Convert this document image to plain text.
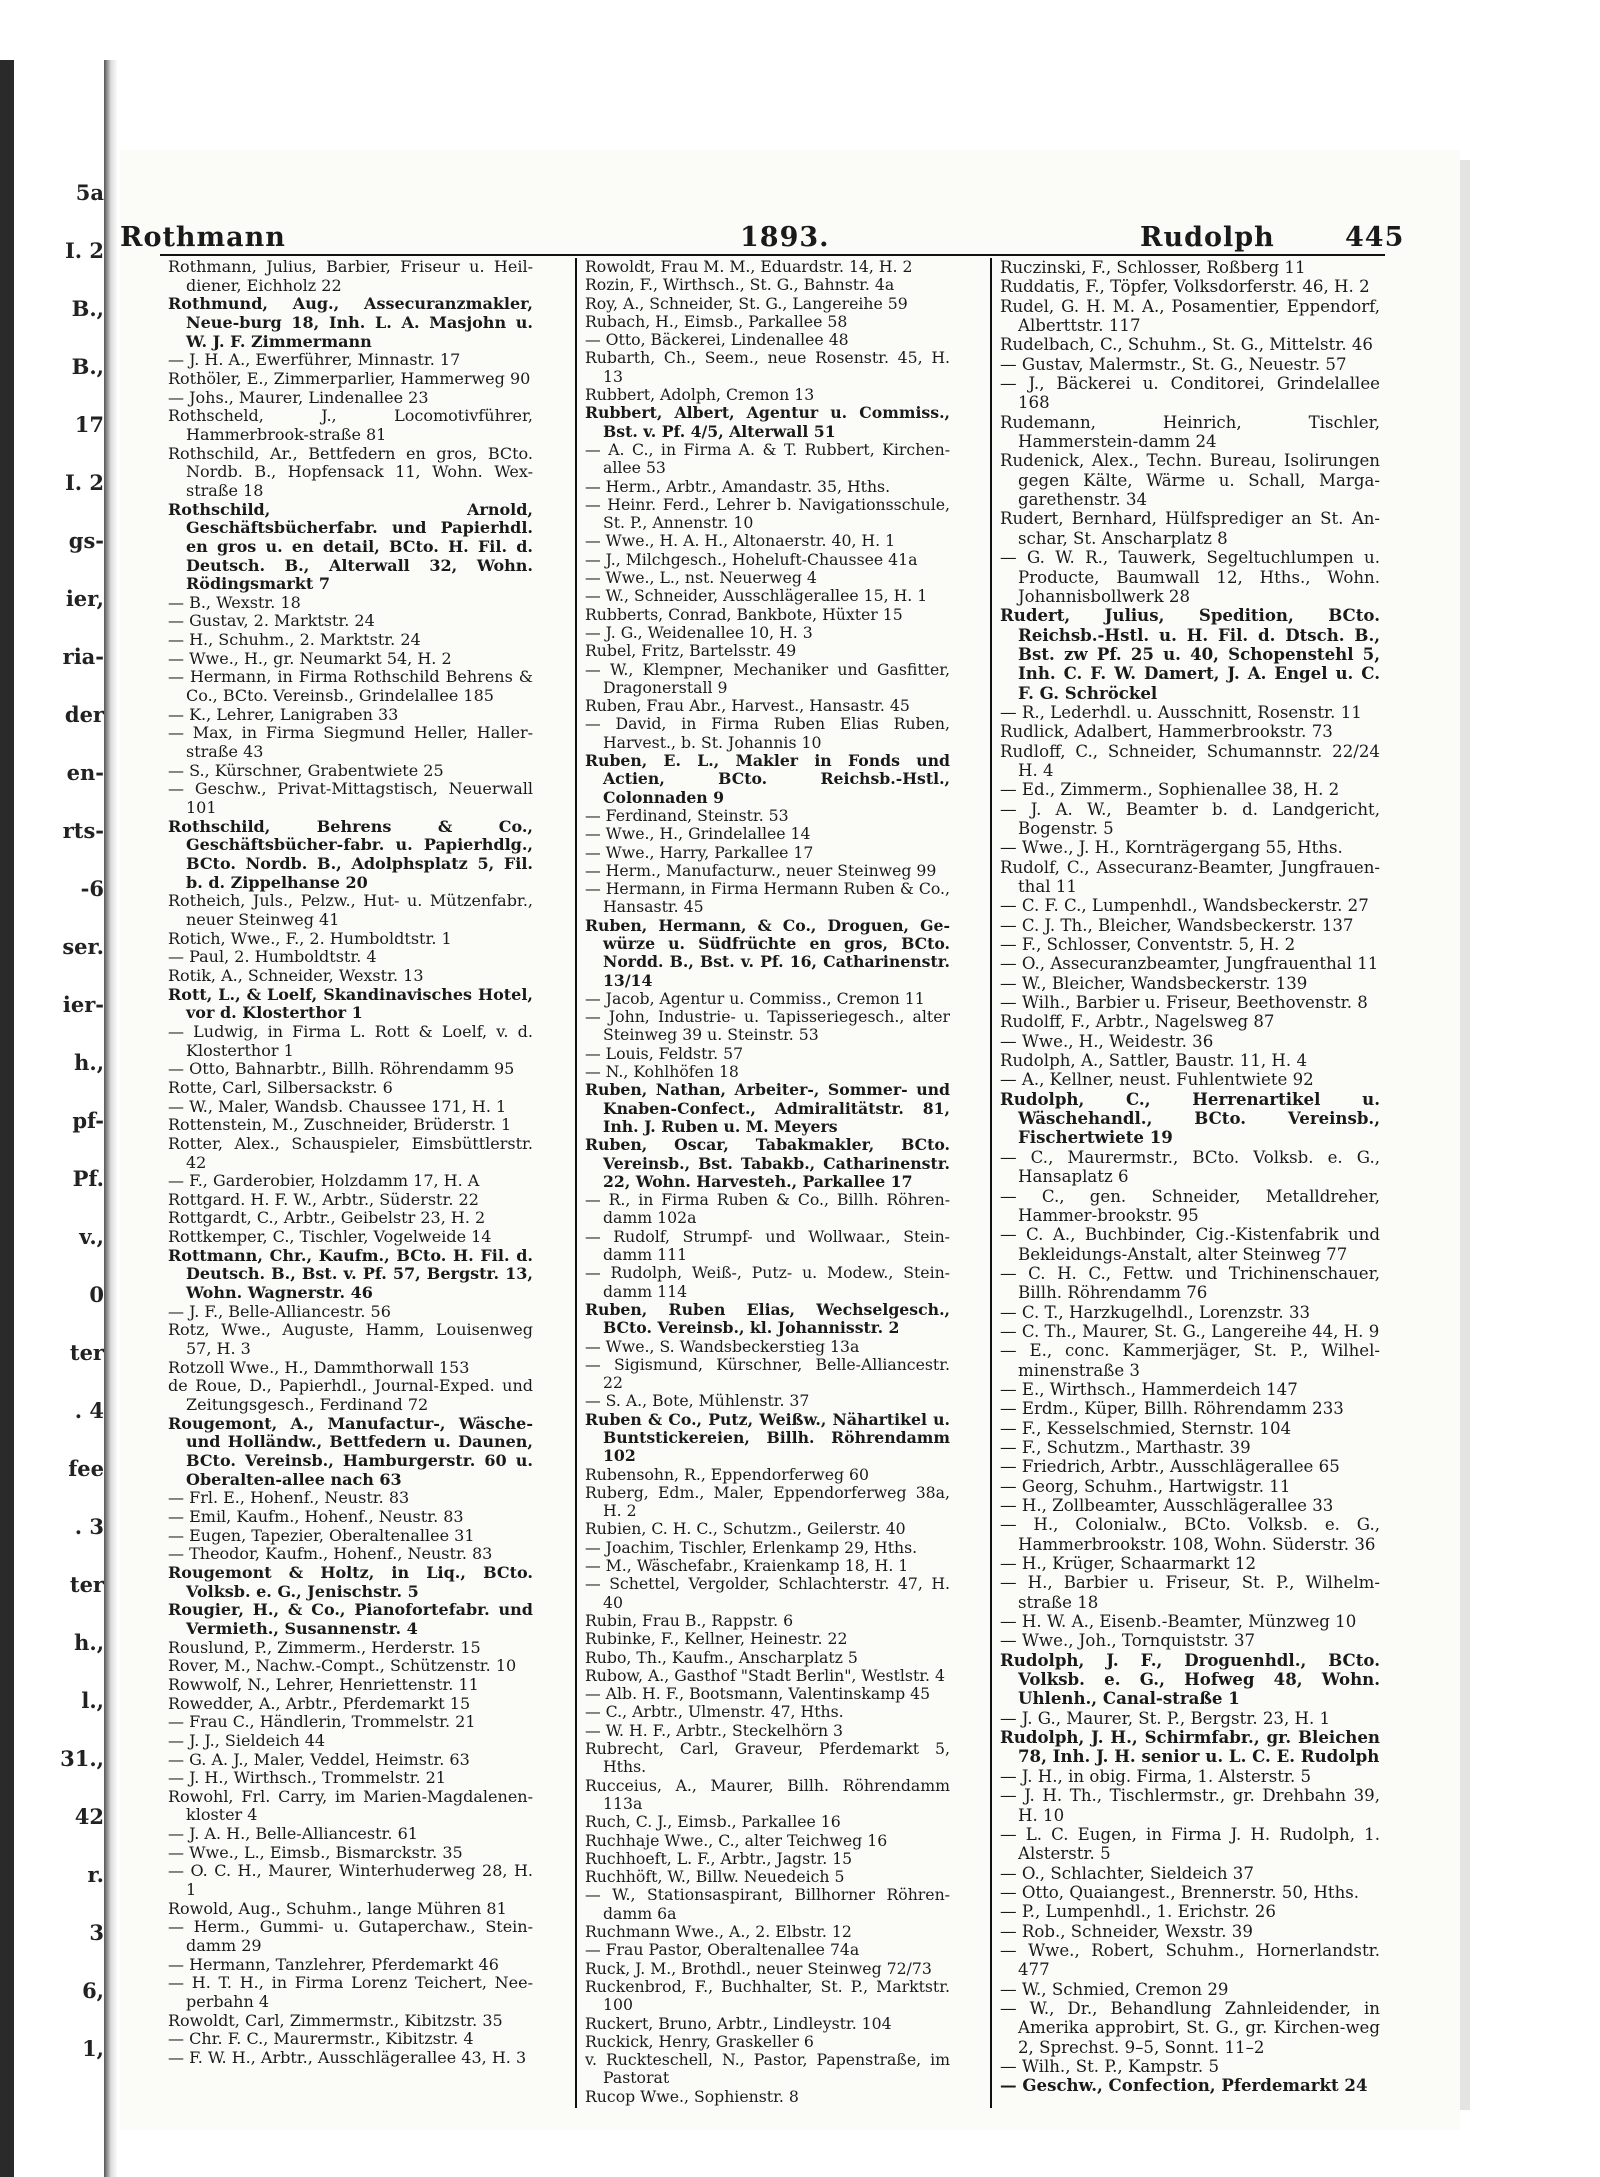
5a
I. 2
B.,
B.,
17
I. 2
gs-
ier,
ria-
der
en-
rts-
-6
ser.
ier-
h.,
pf-
Pf.
v.,
0
ter
. 4
fee
. 3
ter
h.,
l.,
31.,
42
r.
3
6,
1,
Rothmann	1893.	Rudolph	445

Rothmann, Julius, Barbier, Friseur u. Heil-diener, Eichholz 22

Rothmund, Aug., Assecuranzmakler, Neue-burg 18, Inh. L. A. Masjohn u. W. J. F. Zimmermann

— J. H. A., Ewerführer, Minnastr. 17

Rothöler, E., Zimmerparlier, Hammerweg 90

— Johs., Maurer, Lindenallee 23

Rothscheld, J., Locomotivführer, Hammerbrook-straße 81

Rothschild, Ar., Bettfedern en gros, BCto. Nordb. B., Hopfensack 11, Wohn. Wex-straße 18

Rothschild, Arnold, Geschäftsbücherfabr. und Papierhdl. en gros u. en detail, BCto. H. Fil. d. Deutsch. B., Alterwall 32, Wohn. Rödingsmarkt 7

— B., Wexstr. 18

— Gustav, 2. Marktstr. 24

— H., Schuhm., 2. Marktstr. 24

— Wwe., H., gr. Neumarkt 54, H. 2

— Hermann, in Firma Rothschild Behrens & Co., BCto. Vereinsb., Grindelallee 185

— K., Lehrer, Lanigraben 33

— Max, in Firma Siegmund Heller, Haller-straße 43

— S., Kürschner, Grabentwiete 25

— Geschw., Privat-Mittagstisch, Neuerwall 101

Rothschild, Behrens & Co., Geschäftsbücher-fabr. u. Papierhdlg., BCto. Nordb. B., Adolphsplatz 5, Fil. b. d. Zippelhanse 20

Rotheich, Juls., Pelzw., Hut- u. Mützenfabr., neuer Steinweg 41

Rotich, Wwe., F., 2. Humboldtstr. 1

— Paul, 2. Humboldtstr. 4

Rotik, A., Schneider, Wexstr. 13

Rott, L., & Loelf, Skandinavisches Hotel, vor d. Klosterthor 1

— Ludwig, in Firma L. Rott & Loelf, v. d. Klosterthor 1

— Otto, Bahnarbtr., Billh. Röhrendamm 95

Rotte, Carl, Silbersackstr. 6

— W., Maler, Wandsb. Chaussee 171, H. 1

Rottenstein, M., Zuschneider, Brüderstr. 1

Rotter, Alex., Schauspieler, Eimsbüttlerstr. 42

— F., Garderobier, Holzdamm 17, H. A

Rottgard. H. F. W., Arbtr., Süderstr. 22

Rottgardt, C., Arbtr., Geibelstr 23, H. 2

Rottkemper, C., Tischler, Vogelweide 14

Rottmann, Chr., Kaufm., BCto. H. Fil. d. Deutsch. B., Bst. v. Pf. 57, Bergstr. 13, Wohn. Wagnerstr. 46

— J. F., Belle-Alliancestr. 56

Rotz, Wwe., Auguste, Hamm, Louisenweg 57, H. 3

Rotzoll Wwe., H., Dammthorwall 153

de Roue, D., Papierhdl., Journal-Exped. und Zeitungsgesch., Ferdinand 72

Rougemont, A., Manufactur-, Wäsche- und Holländw., Bettfedern u. Daunen, BCto. Vereinsb., Hamburgerstr. 60 u. Oberalten-allee nach 63

— Frl. E., Hohenf., Neustr. 83

— Emil, Kaufm., Hohenf., Neustr. 83

— Eugen, Tapezier, Oberaltenallee 31

— Theodor, Kaufm., Hohenf., Neustr. 83

Rougemont & Holtz, in Liq., BCto. Volksb. e. G., Jenischstr. 5

Rougier, H., & Co., Pianofortefabr. und Vermieth., Susannenstr. 4

Rouslund, P., Zimmerm., Herderstr. 15

Rover, M., Nachw.-Compt., Schützenstr. 10

Rowwolf, N., Lehrer, Henriettenstr. 11

Rowedder, A., Arbtr., Pferdemarkt 15

— Frau C., Händlerin, Trommelstr. 21

— J. J., Sieldeich 44

— G. A. J., Maler, Veddel, Heimstr. 63

— J. H., Wirthsch., Trommelstr. 21

Rowohl, Frl. Carry, im Marien-Magdalenen-kloster 4

— J. A. H., Belle-Alliancestr. 61

— Wwe., L., Eimsb., Bismarckstr. 35

— O. C. H., Maurer, Winterhuderweg 28, H. 1

Rowold, Aug., Schuhm., lange Mühren 81

— Herm., Gummi- u. Gutaperchaw., Stein-damm 29

— Hermann, Tanzlehrer, Pferdemarkt 46

— H. T. H., in Firma Lorenz Teichert, Nee-perbahn 4

Rowoldt, Carl, Zimmermstr., Kibitzstr. 35

— Chr. F. C., Maurermstr., Kibitzstr. 4

— F. W. H., Arbtr., Ausschlägerallee 43, H. 3

Rowoldt, Frau M. M., Eduardstr. 14, H. 2

Rozin, F., Wirthsch., St. G., Bahnstr. 4a

Roy, A., Schneider, St. G., Langereihe 59

Rubach, H., Eimsb., Parkallee 58

— Otto, Bäckerei, Lindenallee 48

Rubarth, Ch., Seem., neue Rosenstr. 45, H. 13

Rubbert, Adolph, Cremon 13

Rubbert, Albert, Agentur u. Commiss., Bst. v. Pf. 4/5, Alterwall 51

— A. C., in Firma A. & T. Rubbert, Kirchen-allee 53

— Herm., Arbtr., Amandastr. 35, Hths.

— Heinr. Ferd., Lehrer b. Navigationsschule, St. P., Annenstr. 10

— Wwe., H. A. H., Altonaerstr. 40, H. 1

— J., Milchgesch., Hoheluft-Chaussee 41a

— Wwe., L., nst. Neuerweg 4

— W., Schneider, Ausschlägerallee 15, H. 1

Rubberts, Conrad, Bankbote, Hüxter 15

— J. G., Weidenallee 10, H. 3

Rubel, Fritz, Bartelsstr. 49

— W., Klempner, Mechaniker und Gasfitter, Dragonerstall 9

Ruben, Frau Abr., Harvest., Hansastr. 45

— David, in Firma Ruben Elias Ruben, Harvest., b. St. Johannis 10

Ruben, E. L., Makler in Fonds und Actien, BCto. Reichsb.-Hstl., Colonnaden 9

— Ferdinand, Steinstr. 53

— Wwe., H., Grindelallee 14

— Wwe., Harry, Parkallee 17

— Herm., Manufacturw., neuer Steinweg 99

— Hermann, in Firma Hermann Ruben & Co., Hansastr. 45

Ruben, Hermann, & Co., Droguen, Ge-würze u. Südfrüchte en gros, BCto. Nordd. B., Bst. v. Pf. 16, Catharinenstr. 13/14

— Jacob, Agentur u. Commiss., Cremon 11

— John, Industrie- u. Tapisseriegesch., alter Steinweg 39 u. Steinstr. 53

— Louis, Feldstr. 57

— N., Kohlhöfen 18

Ruben, Nathan, Arbeiter-, Sommer- und Knaben-Confect., Admiralitätstr. 81, Inh. J. Ruben u. M. Meyers

Ruben, Oscar, Tabakmakler, BCto. Vereinsb., Bst. Tabakb., Catharinenstr. 22, Wohn. Harvesteh., Parkallee 17

— R., in Firma Ruben & Co., Billh. Röhren-damm 102a

— Rudolf, Strumpf- und Wollwaar., Stein-damm 111

— Rudolph, Weiß-, Putz- u. Modew., Stein-damm 114

Ruben, Ruben Elias, Wechselgesch., BCto. Vereinsb., kl. Johannisstr. 2

— Wwe., S. Wandsbeckerstieg 13a

— Sigismund, Kürschner, Belle-Alliancestr. 22

— S. A., Bote, Mühlenstr. 37

Ruben & Co., Putz, Weißw., Nähartikel u. Buntstickereien, Billh. Röhrendamm 102

Rubensohn, R., Eppendorferweg 60

Ruberg, Edm., Maler, Eppendorferweg 38a, H. 2

Rubien, C. H. C., Schutzm., Geilerstr. 40

— Joachim, Tischler, Erlenkamp 29, Hths.

— M., Wäschefabr., Kraienkamp 18, H. 1

— Schettel, Vergolder, Schlachterstr. 47, H. 40

Rubin, Frau B., Rappstr. 6

Rubinke, F., Kellner, Heinestr. 22

Rubo, Th., Kaufm., Anscharplatz 5

Rubow, A., Gasthof "Stadt Berlin", Westlstr. 4

— Alb. H. F., Bootsmann, Valentinskamp 45

— C., Arbtr., Ulmenstr. 47, Hths.

— W. H. F., Arbtr., Steckelhörn 3

Rubrecht, Carl, Graveur, Pferdemarkt 5, Hths.

Rucceius, A., Maurer, Billh. Röhrendamm 113a

Ruch, C. J., Eimsb., Parkallee 16

Ruchhaje Wwe., C., alter Teichweg 16

Ruchhoeft, L. F., Arbtr., Jagstr. 15

Ruchhöft, W., Billw. Neuedeich 5

— W., Stationsaspirant, Billhorner Röhren-damm 6a

Ruchmann Wwe., A., 2. Elbstr. 12

— Frau Pastor, Oberaltenallee 74a

Ruck, J. M., Brothdl., neuer Steinweg 72/73

Ruckenbrod, F., Buchhalter, St. P., Marktstr. 100

Ruckert, Bruno, Arbtr., Lindleystr. 104

Ruckick, Henry, Graskeller 6

v. Ruckteschell, N., Pastor, Papenstraße, im Pastorat

Rucop Wwe., Sophienstr. 8

Ruczinski, F., Schlosser, Roßberg 11

Ruddatis, F., Töpfer, Volksdorferstr. 46, H. 2

Rudel, G. H. M. A., Posamentier, Eppendorf, Alberttstr. 117

Rudelbach, C., Schuhm., St. G., Mittelstr. 46

— Gustav, Malermstr., St. G., Neuestr. 57

— J., Bäckerei u. Conditorei, Grindelallee 168

Rudemann, Heinrich, Tischler, Hammerstein-damm 24

Rudenick, Alex., Techn. Bureau, Isolirungen gegen Kälte, Wärme u. Schall, Marga-garethenstr. 34

Rudert, Bernhard, Hülfsprediger an St. An-schar, St. Anscharplatz 8

— G. W. R., Tauwerk, Segeltuchlumpen u. Producte, Baumwall 12, Hths., Wohn. Johannisbollwerk 28

Rudert, Julius, Spedition, BCto. Reichsb.-Hstl. u. H. Fil. d. Dtsch. B., Bst. zw Pf. 25 u. 40, Schopenstehl 5, Inh. C. F. W. Damert, J. A. Engel u. C. F. G. Schröckel

— R., Lederhdl. u. Ausschnitt, Rosenstr. 11

Rudlick, Adalbert, Hammerbrookstr. 73

Rudloff, C., Schneider, Schumannstr. 22/24 H. 4

— Ed., Zimmerm., Sophienallee 38, H. 2

— J. A. W., Beamter b. d. Landgericht, Bogenstr. 5

— Wwe., J. H., Kornträgergang 55, Hths.

Rudolf, C., Assecuranz-Beamter, Jungfrauen-thal 11

— C. F. C., Lumpenhdl., Wandsbeckerstr. 27

— C. J. Th., Bleicher, Wandsbeckerstr. 137

— F., Schlosser, Conventstr. 5, H. 2

— O., Assecuranzbeamter, Jungfrauenthal 11

— W., Bleicher, Wandsbeckerstr. 139

— Wilh., Barbier u. Friseur, Beethovenstr. 8

Rudolff, F., Arbtr., Nagelsweg 87

— Wwe., H., Weidestr. 36

Rudolph, A., Sattler, Baustr. 11, H. 4

— A., Kellner, neust. Fuhlentwiete 92

Rudolph, C., Herrenartikel u. Wäschehandl., BCto. Vereinsb., Fischertwiete 19

— C., Maurermstr., BCto. Volksb. e. G., Hansaplatz 6

— C., gen. Schneider, Metalldreher, Hammer-brookstr. 95

— C. A., Buchbinder, Cig.-Kistenfabrik und Bekleidungs-Anstalt, alter Steinweg 77

— C. H. C., Fettw. und Trichinenschauer, Billh. Röhrendamm 76

— C. T., Harzkugelhdl., Lorenzstr. 33

— C. Th., Maurer, St. G., Langereihe 44, H. 9

— E., conc. Kammerjäger, St. P., Wilhel-minenstraße 3

— E., Wirthsch., Hammerdeich 147

— Erdm., Küper, Billh. Röhrendamm 233

— F., Kesselschmied, Sternstr. 104

— F., Schutzm., Marthastr. 39

— Friedrich, Arbtr., Ausschlägerallee 65

— Georg, Schuhm., Hartwigstr. 11

— H., Zollbeamter, Ausschlägerallee 33

— H., Colonialw., BCto. Volksb. e. G., Hammerbrookstr. 108, Wohn. Süderstr. 36

— H., Krüger, Schaarmarkt 12

— H., Barbier u. Friseur, St. P., Wilhelm-straße 18

— H. W. A., Eisenb.-Beamter, Münzweg 10

— Wwe., Joh., Tornquiststr. 37

Rudolph, J. F., Droguenhdl., BCto. Volksb. e. G., Hofweg 48, Wohn. Uhlenh., Canal-straße 1

— J. G., Maurer, St. P., Bergstr. 23, H. 1

Rudolph, J. H., Schirmfabr., gr. Bleichen 78, Inh. J. H. senior u. L. C. E. Rudolph

— J. H., in obig. Firma, 1. Alsterstr. 5

— J. H. Th., Tischlermstr., gr. Drehbahn 39, H. 10

— L. C. Eugen, in Firma J. H. Rudolph, 1. Alsterstr. 5

— O., Schlachter, Sieldeich 37

— Otto, Quaiangest., Brennerstr. 50, Hths.

— P., Lumpenhdl., 1. Erichstr. 26

— Rob., Schneider, Wexstr. 39

— Wwe., Robert, Schuhm., Hornerlandstr. 477

— W., Schmied, Cremon 29

— W., Dr., Behandlung Zahnleidender, in Amerika approbirt, St. G., gr. Kirchen-weg 2, Sprechst. 9–5, Sonnt. 11–2

— Wilh., St. P., Kampstr. 5

— Geschw., Confection, Pferdemarkt 24
